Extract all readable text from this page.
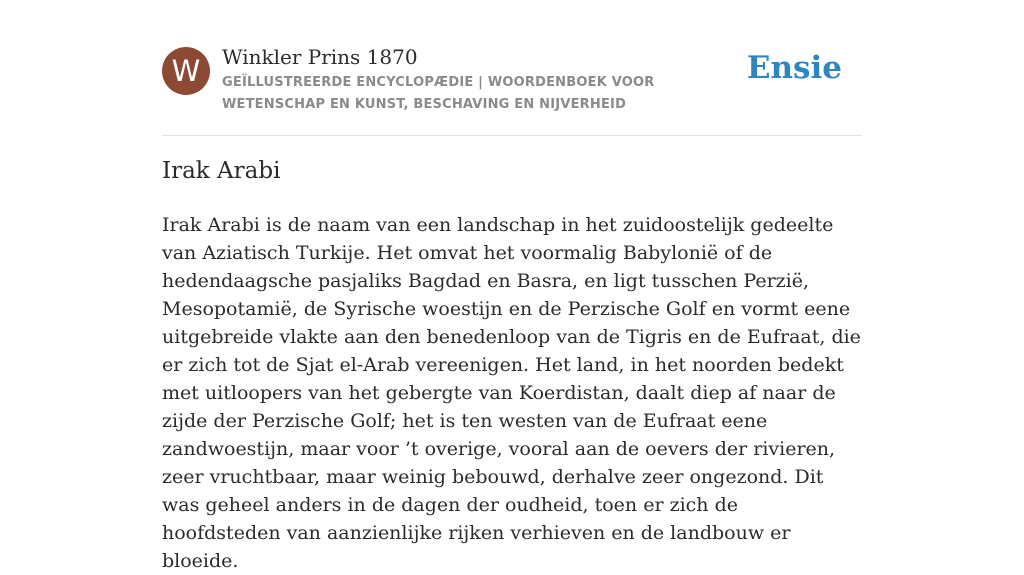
W	Winkler Prins 1870
GEÏLLUSTREERDE ENCYCLOPÆDIE | WOORDENBOEK VOOR WETENSCHAP EN KUNST, BESCHAVING EN NIJVERHEID
Ensie
Irak Arabi

Irak Arabi is de naam van een landschap in het zuidoostelijk gedeelte van Aziatisch Turkije. Het omvat het voormalig Babylonië of de hedendaagsche pasjaliks Bagdad en Basra, en ligt tusschen Perzië, Mesopotamië, de Syrische woestijn en de Perzische Golf en vormt eene uitgebreide vlakte aan den benedenloop van de Tigris en de Eufraat, die er zich tot de Sjat el-Arab vereenigen. Het land, in het noorden bedekt met uitloopers van het gebergte van Koerdistan, daalt diep af naar de zijde der Perzische Golf; het is ten westen van de Eufraat eene zandwoestijn, maar voor ’t overige, vooral aan de oevers der rivieren, zeer vruchtbaar, maar weinig bebouwd, derhalve zeer ongezond. Dit was geheel anders in de dagen der oudheid, toen er zich de hoofdsteden van aanzienlijke rijken verhieven en de landbouw er bloeide.
